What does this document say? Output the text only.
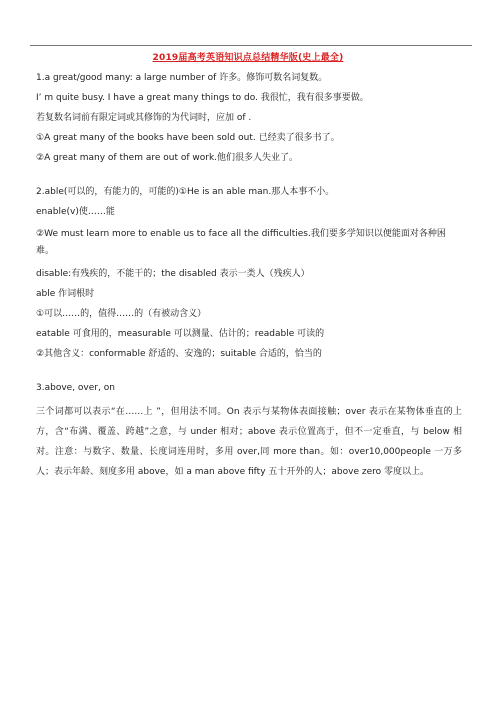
2019届高考英语知识点总结精华版(史上最全)

1.a great/good many: a large number of 许多。修饰可数名词复数。

I’ m quite busy. I have a great many things to do. 我很忙，我有很多事要做。

若复数名词前有限定词或其修饰的为代词时，应加 of .

①A great many of the books have been sold out. 已经卖了很多书了。

②A great many of them are out of work.他们很多人失业了。

2.able(可以的，有能力的，可能的)①He is an able man.那人本事不小。

enable(v)使……能

②We must learn more to enable us to face all the difficulties.我们要多学知识以便能面对各种困难。

disable:有残疾的，不能干的；the disabled 表示一类人（残疾人）

able 作词根时

①可以……的，值得……的（有被动含义）

eatable 可食用的，measurable 可以测量、估计的；readable 可读的

②其他含义：conformable 舒适的、安逸的；suitable 合适的，恰当的

3.above, over, on

三个词都可以表示“在……上 ”，但用法不同。On 表示与某物体表面接触；over 表示在某物体垂直的上方，含“布满、覆盖、跨越”之意，与 under 相对；above 表示位置高于，但不一定垂直，与 below 相对。注意：与数字、数量、长度词连用时，多用 over,同 more than。如：over10,000people 一万多人；表示年龄、刻度多用 above，如 a man above fifty 五十开外的人；above zero 零度以上。
